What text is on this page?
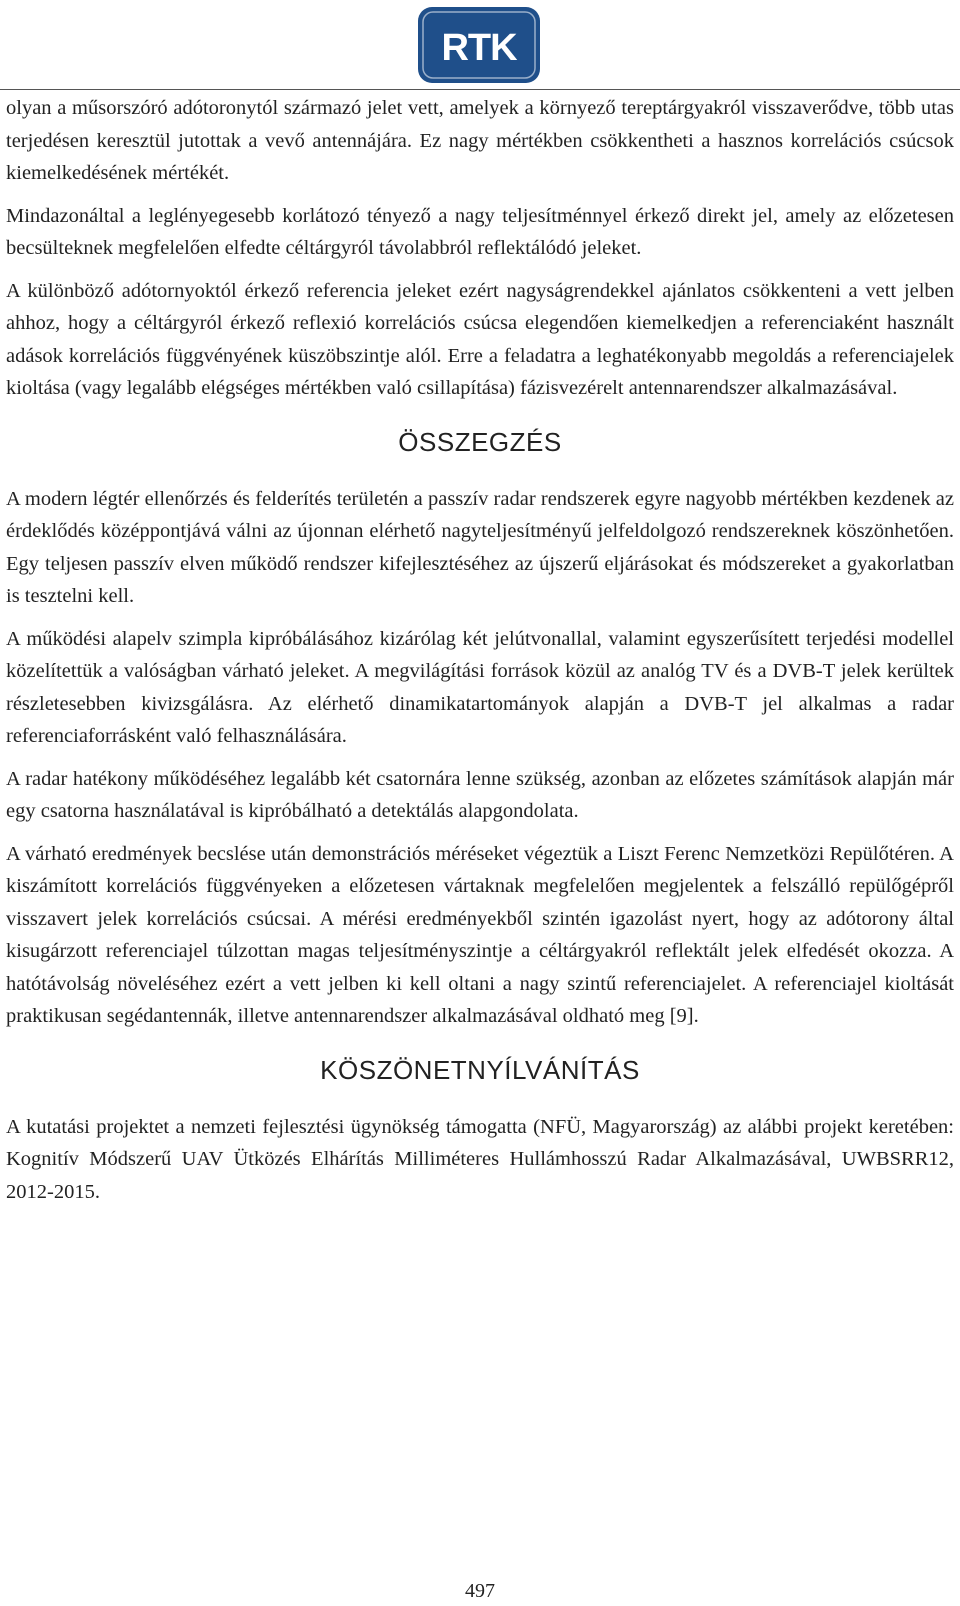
RTK

olyan a műsorszóró adótoronytól származó jelet vett, amelyek a környező tereptárgyakról visszaverődve, több utas terjedésen keresztül jutottak a vevő antennájára. Ez nagy mértékben csökkentheti a hasznos korrelációs csúcsok kiemelkedésének mértékét.

Mindazonáltal a leglényegesebb korlátozó tényező a nagy teljesítménnyel érkező direkt jel, amely az előzetesen becsülteknek megfelelően elfedte céltárgyról távolabbról reflektálódó jeleket.

A különböző adótornyoktól érkező referencia jeleket ezért nagyságrendekkel ajánlatos csökkenteni a vett jelben ahhoz, hogy a céltárgyról érkező reflexió korrelációs csúcsa elegendően kiemelkedjen a referenciaként használt adások korrelációs függvényének küszöbszintje alól. Erre a feladatra a leghatékonyabb megoldás a referenciajelek kioltása (vagy legalább elégséges mértékben való csillapítása) fázisvezérelt antennarendszer alkalmazásával.

ÖSSZEGZÉS

A modern légtér ellenőrzés és felderítés területén a passzív radar rendszerek egyre nagyobb mértékben kezdenek az érdeklődés középpontjává válni az újonnan elérhető nagyteljesítményű jelfeldolgozó rendszereknek köszönhetően. Egy teljesen passzív elven működő rendszer kifejlesztéséhez az újszerű eljárásokat és módszereket a gyakorlatban is tesztelni kell.

A működési alapelv szimpla kipróbálásához kizárólag két jelútvonallal, valamint egyszerűsített terjedési modellel közelítettük a valóságban várható jeleket. A megvilágítási források közül az analóg TV és a DVB-T jelek kerültek részletesebben kivizsgálásra. Az elérhető dinamikatartományok alapján a DVB-T jel alkalmas a radar referenciaforrásként való felhasználására.

A radar hatékony működéséhez legalább két csatornára lenne szükség, azonban az előzetes számítások alapján már egy csatorna használatával is kipróbálható a detektálás alapgondolata.

A várható eredmények becslése után demonstrációs méréseket végeztük a Liszt Ferenc Nemzetközi Repülőtéren. A kiszámított korrelációs függvényeken a előzetesen vártaknak megfelelően megjelentek a felszálló repülőgépről visszavert jelek korrelációs csúcsai. A mérési eredményekből szintén igazolást nyert, hogy az adótorony által kisugárzott referenciajel túlzottan magas teljesítményszintje a céltárgyakról reflektált jelek elfedését okozza. A hatótávolság növeléséhez ezért a vett jelben ki kell oltani a nagy szintű referenciajelet. A referenciajel kioltását praktikusan segédantennák, illetve antennarendszer alkalmazásával oldható meg [9].

KÖSZÖNETNYÍLVÁNÍTÁS

A kutatási projektet a nemzeti fejlesztési ügynökség támogatta (NFÜ, Magyarország) az alábbi projekt keretében: Kognitív Módszerű UAV Ütközés Elhárítás Milliméteres Hullámhosszú Radar Alkalmazásával, UWBSRR12, 2012-2015.

497
